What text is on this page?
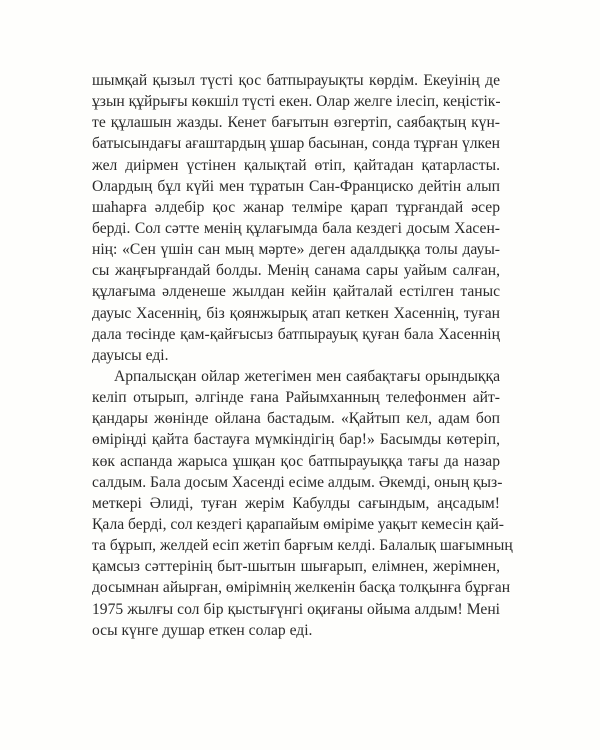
шымқай қызыл түсті қос батпырауықты көрдім. Екеуінің де
ұзын құйрығы көкшіл түсті екен. Олар желге ілесіп, кеңістік-
те құлашын жазды. Кенет бағытын өзгертіп, саябақтың күн-
батысындағы ағаштардың ұшар басынан, сонда тұрған үлкен
жел диірмен үстінен қалықтай өтіп, қайтадан қатарласты.
Олардың бұл күйі мен тұратын Сан-Франциско дейтін алып
шаһарға әлдебір қос жанар телміре қарап тұрғандай әсер
берді. Сол сәтте менің құлағымда бала кездегі досым Хасен-
нің: «Сен үшін сан мың мәрте» деген адалдыққа толы дауы-
сы жаңғырғандай болды. Менің санама сары уайым салған,
құлағыма әлденеше жылдан кейін қайталай естілген таныс
дауыс Хасеннің, біз қоянжырық атап кеткен Хасеннің, туған
дала төсінде қам-қайғысыз батпырауық қуған бала Хасеннің
дауысы еді.
Арпалысқан ойлар жетегімен мен саябақтағы орындыққа
келіп отырып, әлгінде ғана Райымханның телефонмен айт-
қандары жөнінде ойлана бастадым. «Қайтып кел, адам боп
өміріңді қайта бастауға мүмкіндігің бар!» Басымды көтеріп,
көк аспанда жарыса ұшқан қос батпырауыққа тағы да назар
салдым. Бала досым Хасенді есіме алдым. Әкемді, оның қыз-
меткері Әлиді, туған жерім Кабулды сағындым, аңсадым!
Қала берді, сол кездегі қарапайым өміріме уақыт кемесін қай-
та бұрып, желдей есіп жетіп барғым келді. Балалық шағымның
қамсыз сәттерінің быт-шытын шығарып, елімнен, жерімнен,
досымнан айырған, өмірімнің желкенін басқа толқынға бұрған
1975 жылғы сол бір қыстығүнгі оқиғаны ойыма алдым! Мені
осы күнге душар еткен солар еді.
